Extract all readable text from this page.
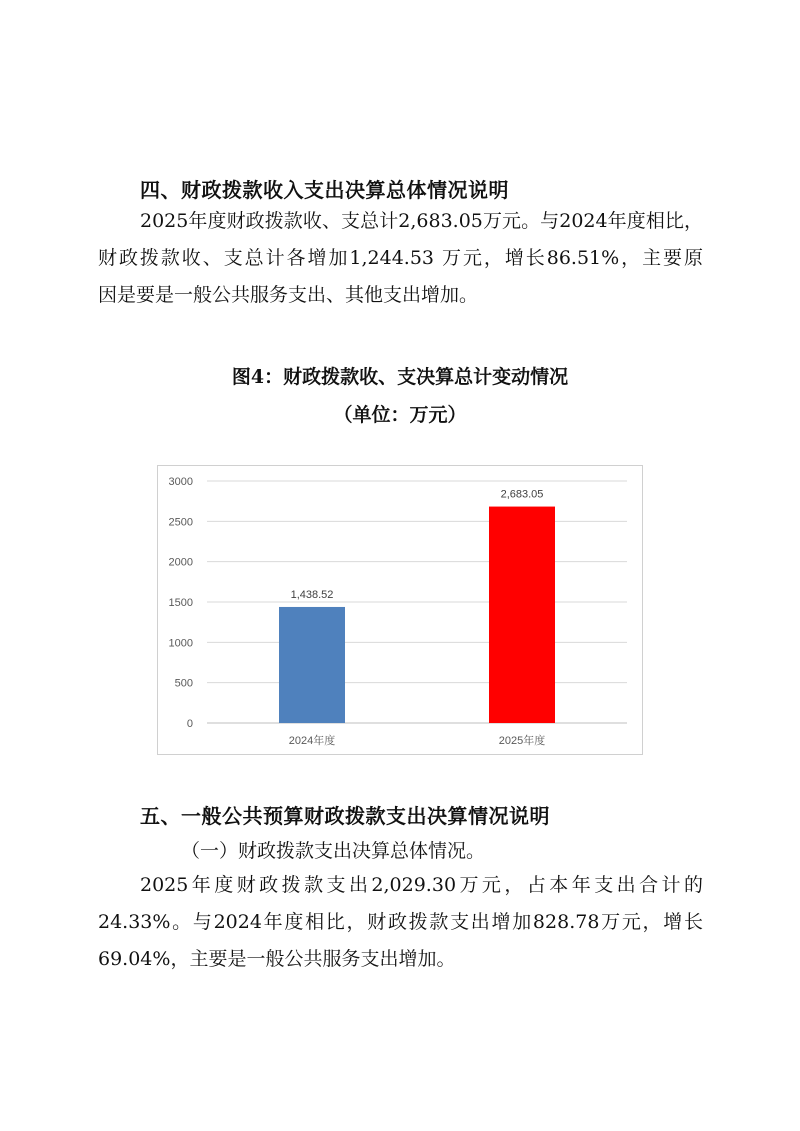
四、财政拨款收入支出决算总体情况说明
2025年度财政拨款收、支总计2,683.05万元。与2024年度相比，
财政拨款收、支总计各增加1,244.53 万元，增长86.51%，主要原
因是要是一般公共服务支出、其他支出增加。
图4：财政拨款收、支决算总计变动情况
（单位：万元）
0
500
1000
1500
2000
2500
3000
1,438.52
2,683.05
2024年度	2025年度
五、一般公共预算财政拨款支出决算情况说明
（一）财政拨款支出决算总体情况。
2025年度财政拨款支出2,029.30万元，占本年支出合计的
24.33%。与2024年度相比，财政拨款支出增加828.78万元，增长
69.04%，主要是一般公共服务支出增加。
